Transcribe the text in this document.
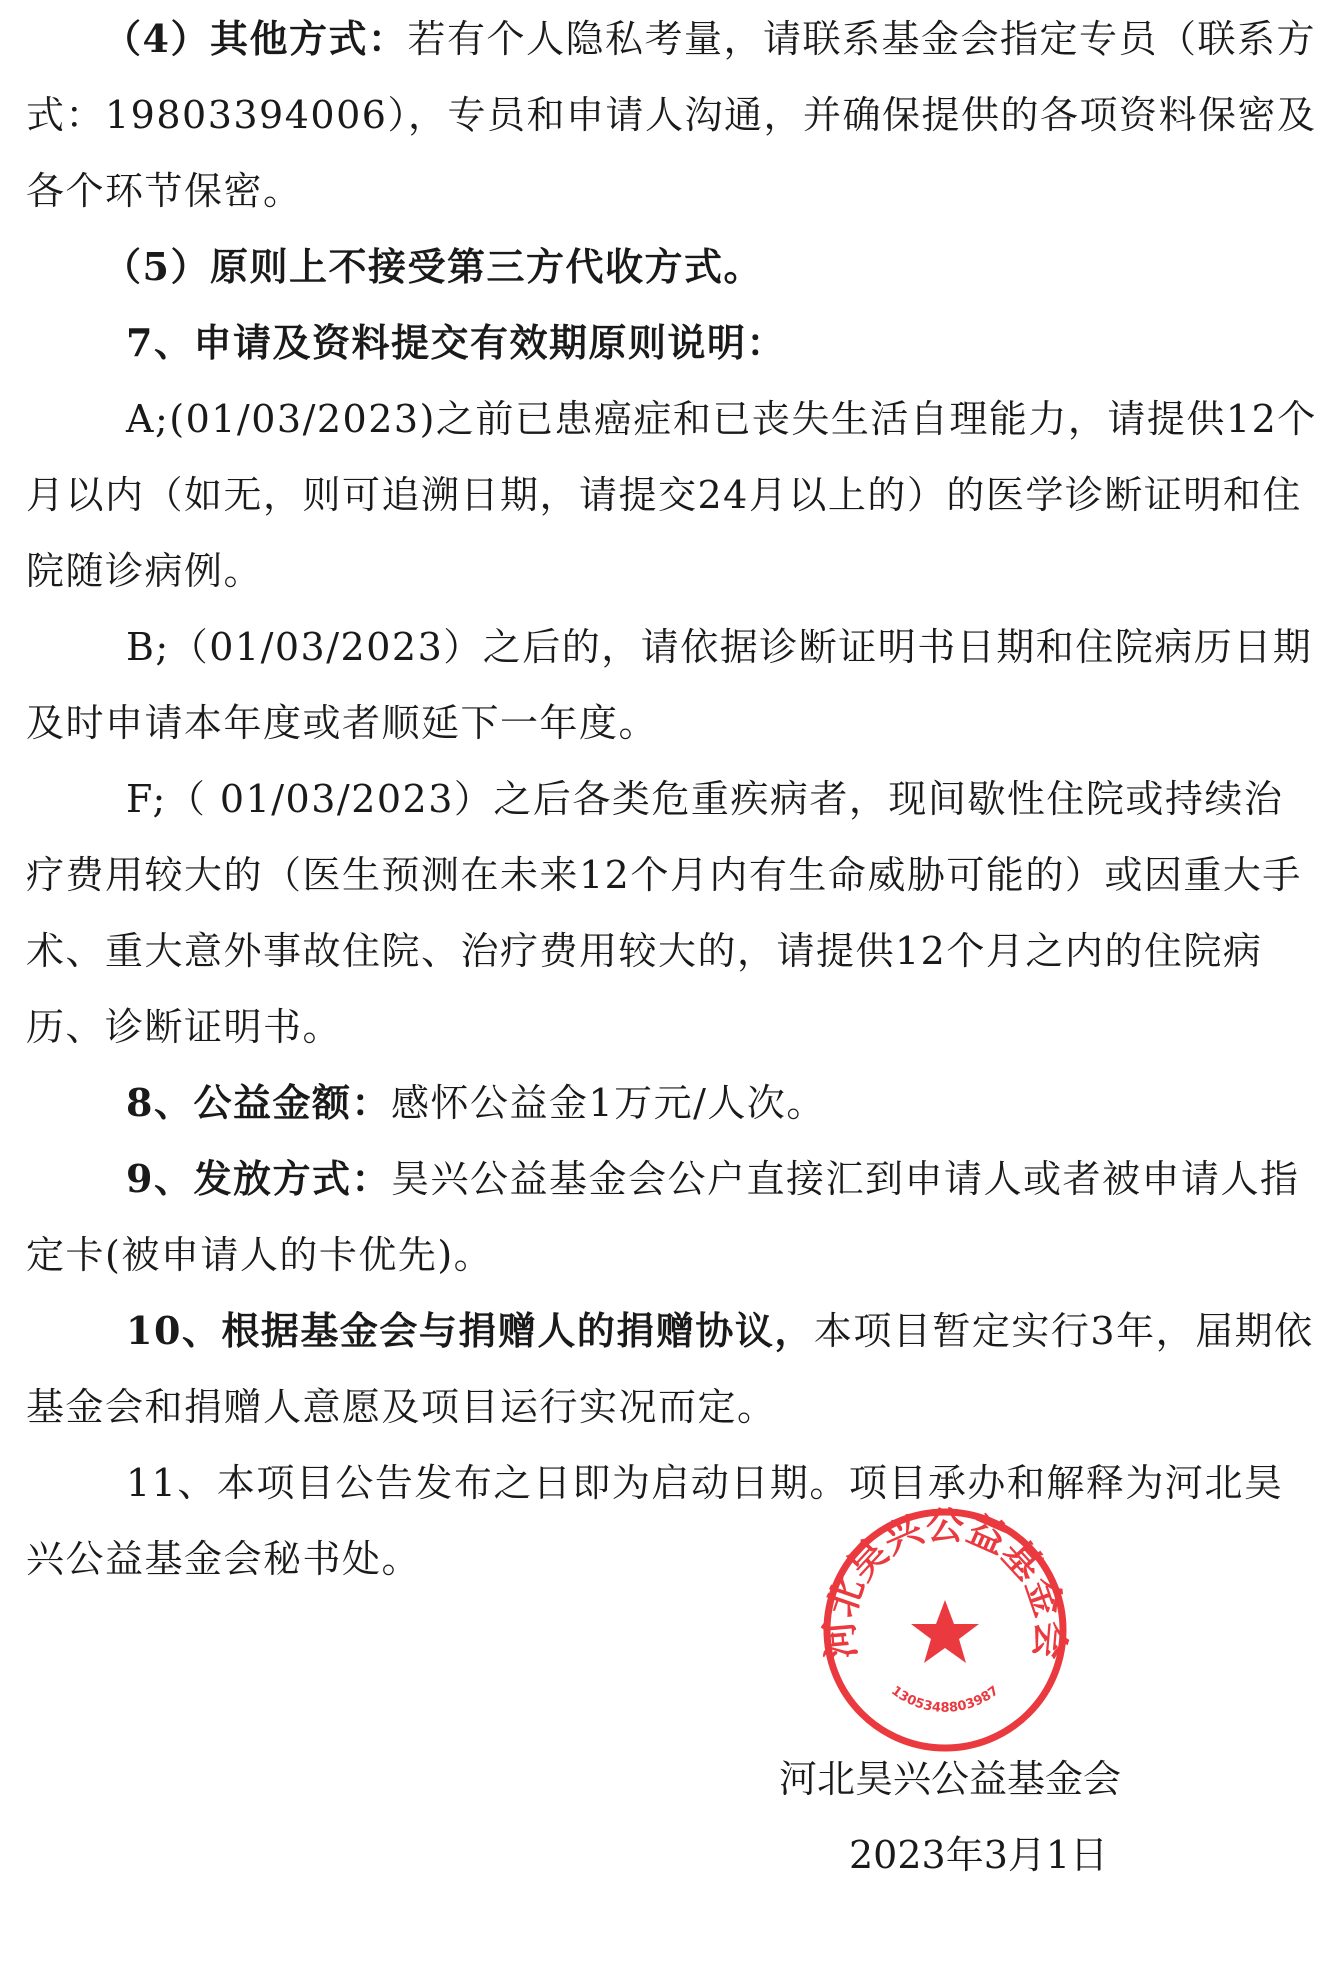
（4）其他方式：若有个人隐私考量，请联系基金会指定专员（联系方式：19803394006），专员和申请人沟通，并确保提供的各项资料保密及各个环节保密。

（5）原则上不接受第三方代收方式。

7、申请及资料提交有效期原则说明：

A;(01/03/2023)之前已患癌症和已丧失生活自理能力，请提供12个月以内（如无，则可追溯日期，请提交24月以上的）的医学诊断证明和住院随诊病例。

B;（01/03/2023）之后的，请依据诊断证明书日期和住院病历日期及时申请本年度或者顺延下一年度。

F;（ 01/03/2023）之后各类危重疾病者，现间歇性住院或持续治疗费用较大的（医生预测在未来12个月内有生命威胁可能的）或因重大手术、重大意外事故住院、治疗费用较大的，请提供12个月之内的住院病历、诊断证明书。

8、公益金额：感怀公益金1万元/人次。

9、发放方式：昊兴公益基金会公户直接汇到申请人或者被申请人指定卡(被申请人的卡优先)。

10、根据基金会与捐赠人的捐赠协议，本项目暂定实行3年，届期依基金会和捐赠人意愿及项目运行实况而定。

11、本项目公告发布之日即为启动日期。项目承办和解释为河北昊兴公益基金会秘书处。

河北昊兴公益基金会
1305348803987
河北昊兴公益基金会
2023年3月1日
